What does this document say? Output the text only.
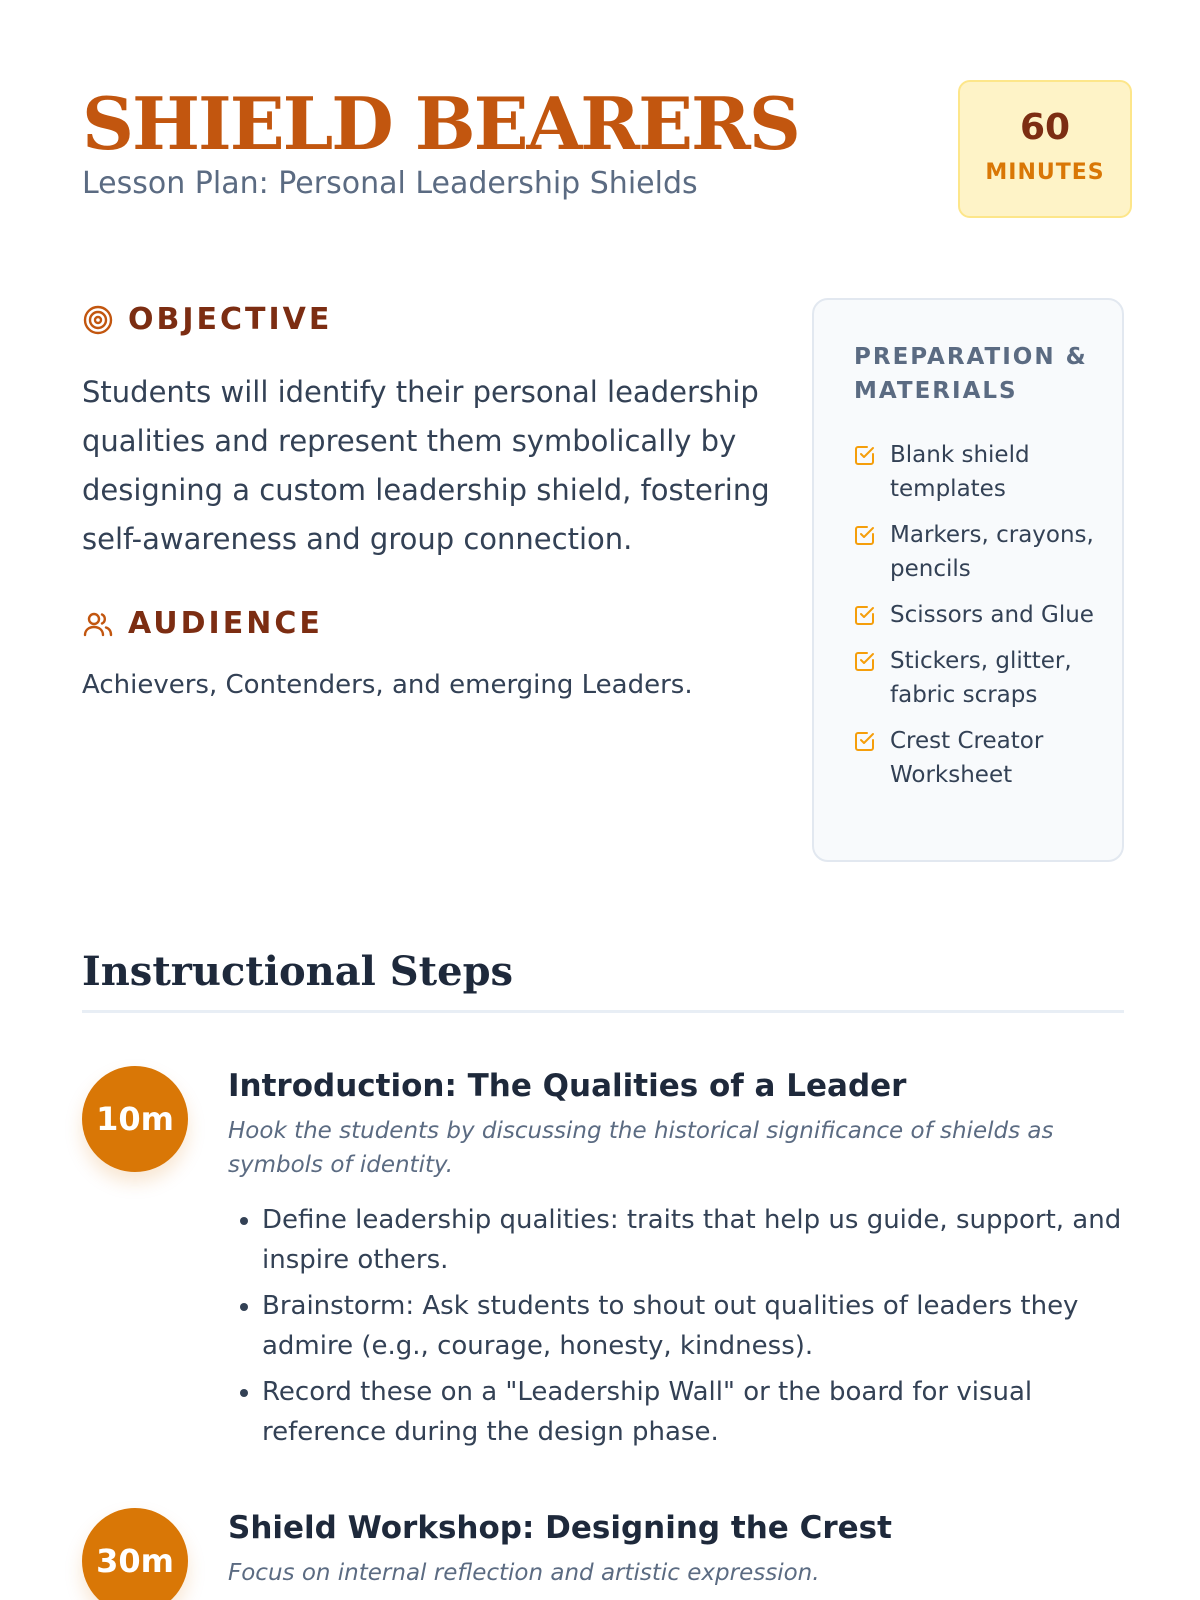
SHIELD BEARERS
Lesson Plan: Personal Leadership Shields
60
MINUTES
OBJECTIVE

Students will identify their personal leadership qualities and represent them symbolically by designing a custom leadership shield, fostering self-awareness and group connection.

AUDIENCE

Achievers, Contenders, and emerging Leaders.

PREPARATION & MATERIALS
Blank shield templates
Markers, crayons, pencils
Scissors and Glue
Stickers, glitter, fabric scraps
Crest Creator Worksheet
Instructional Steps
10m
Introduction: The Qualities of a Leader

Hook the students by discussing the historical significance of shields as symbols of identity.

• Define leadership qualities: traits that help us guide, support, and inspire others.
• Brainstorm: Ask students to shout out qualities of leaders they admire (e.g., courage, honesty, kindness).
• Record these on a "Leadership Wall" or the board for visual reference during the design phase.
30m
Shield Workshop: Designing the Crest

Focus on internal reflection and artistic expression.
